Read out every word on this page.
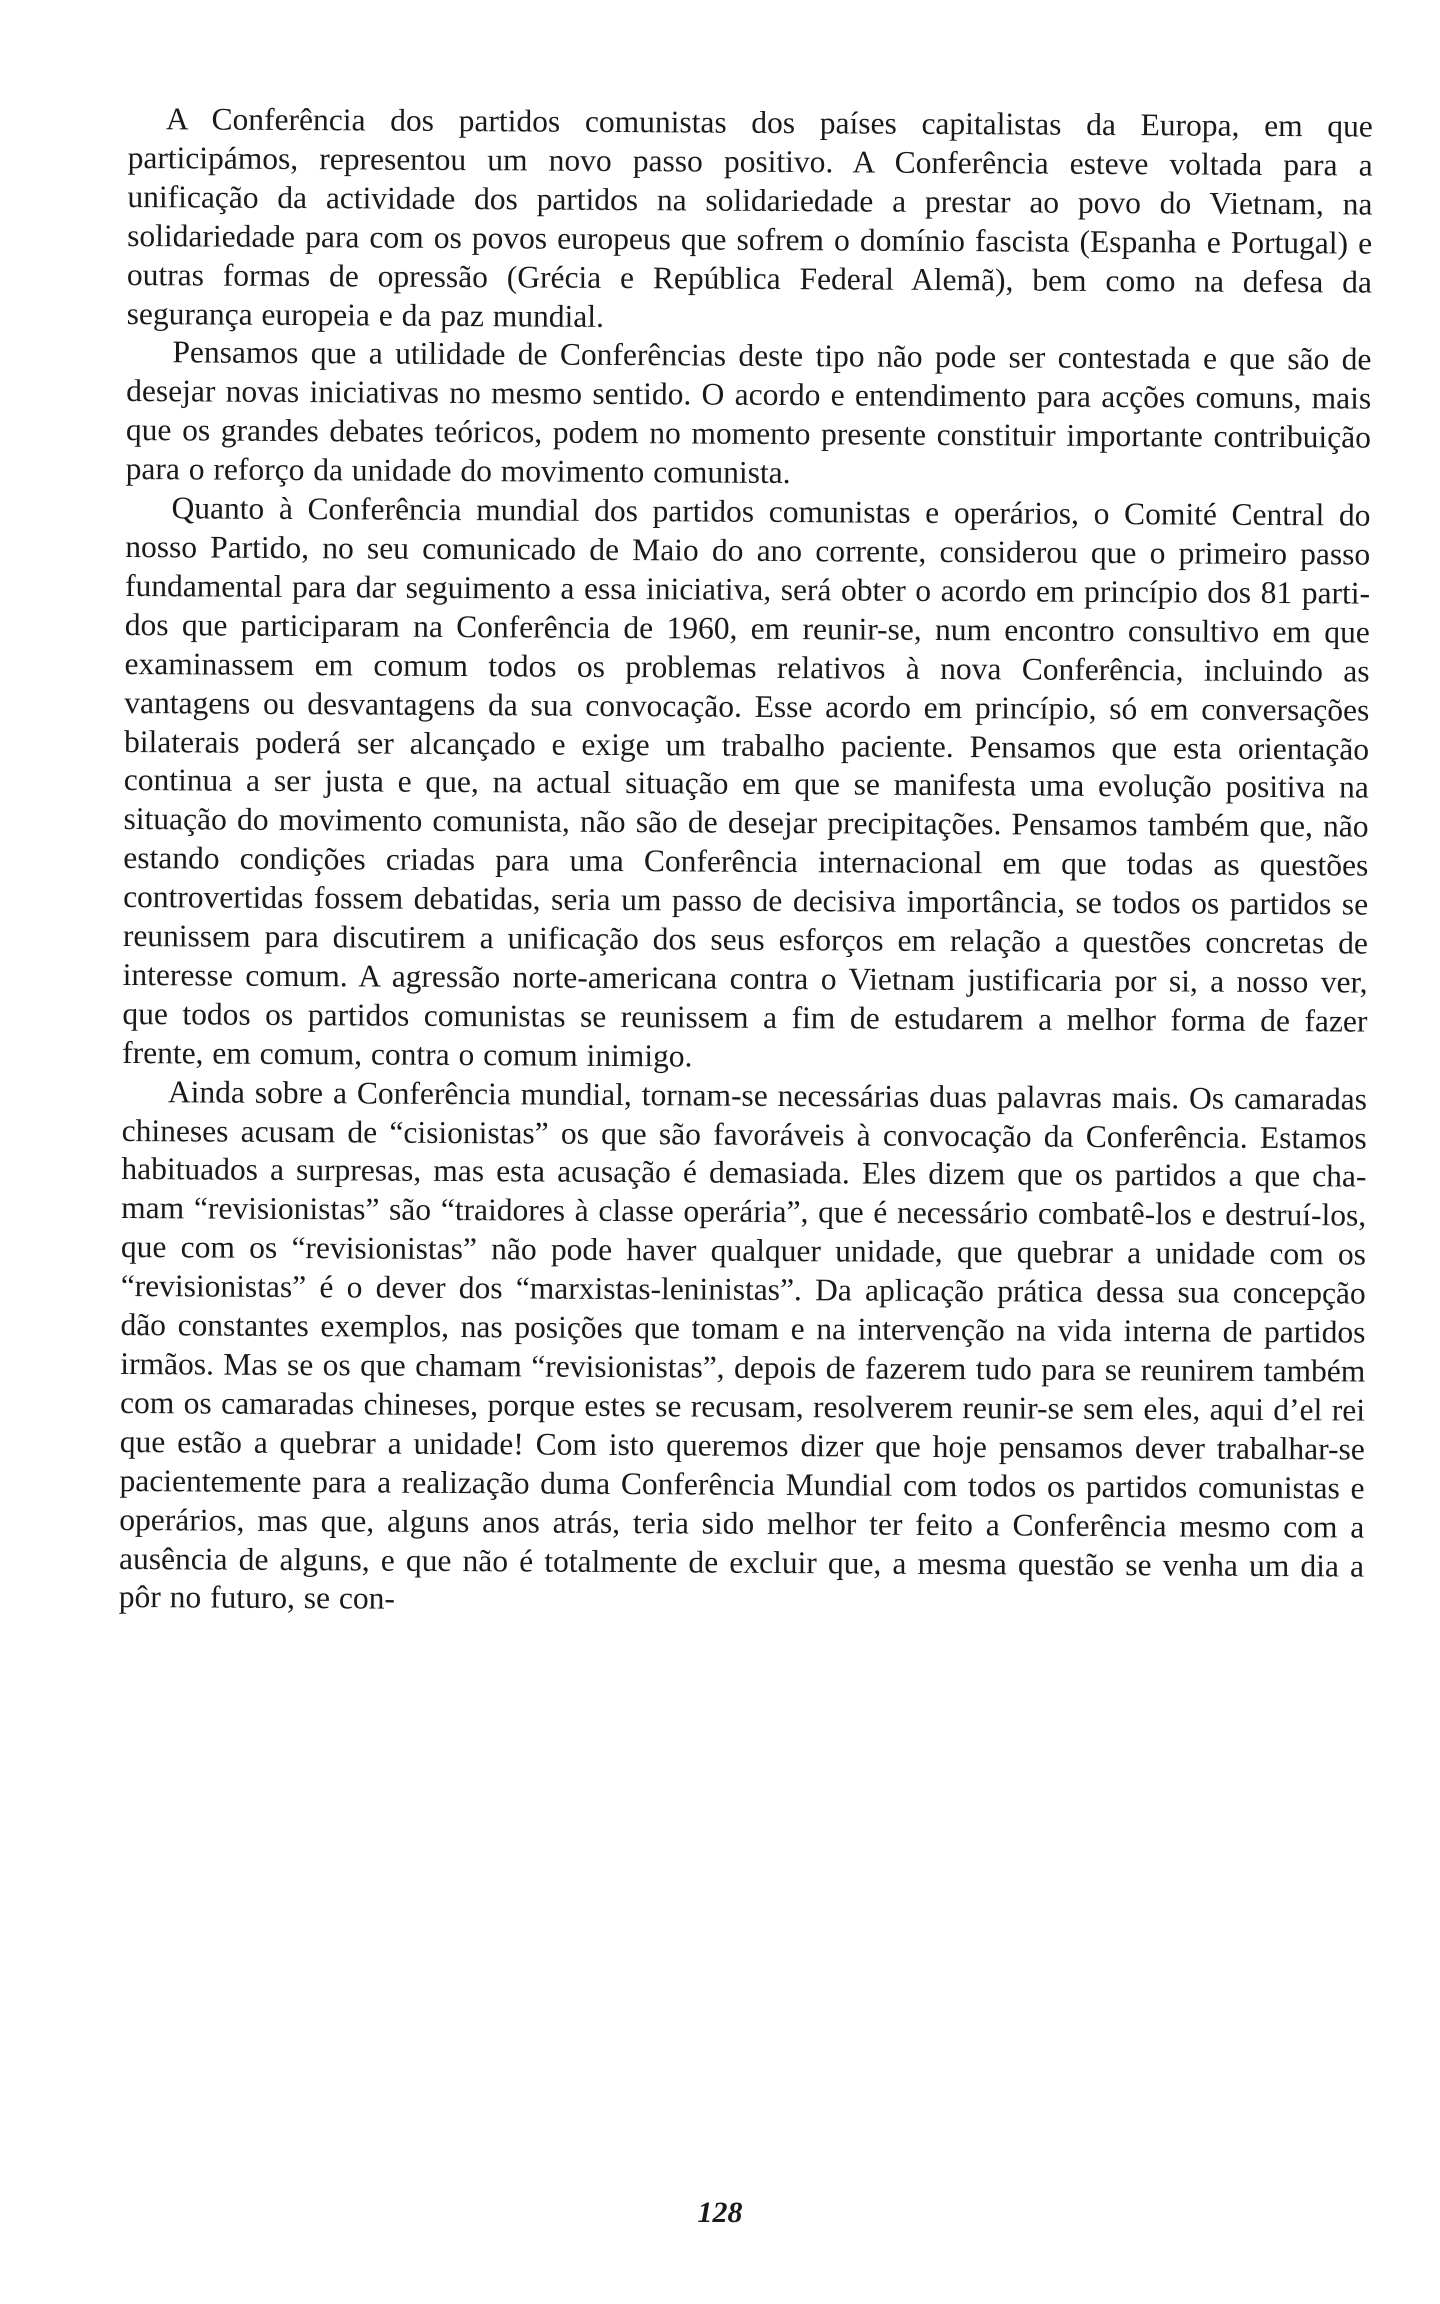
A Conferência dos partidos comunistas dos países capitalistas da Europa, em que participámos, representou um novo passo positivo. A Conferência esteve voltada para a unificação da actividade dos partidos na solidariedade a prestar ao povo do Vietnam, na solidariedade para com os povos europeus que sofrem o domínio fascista (Espanha e Portugal) e outras formas de opressão (Grécia e República Federal Alemã), bem como na defesa da segurança europeia e da paz mundial.

Pensamos que a utilidade de Conferências deste tipo não pode ser contestada e que são de desejar novas iniciativas no mesmo sentido. O acordo e entendimento para acções comuns, mais que os grandes debates teóricos, podem no momento presente constituir importante contribuição para o reforço da unidade do movimento comunista.

Quanto à Conferência mundial dos partidos comunistas e operários, o Comité Central do nosso Partido, no seu comunicado de Maio do ano corrente, considerou que o primeiro passo fundamental para dar seguimento a essa iniciativa, será obter o acordo em princípio dos 81 partidos que participaram na Conferência de 1960, em reunir-se, num encontro consultivo em que examinassem em comum todos os problemas relativos à nova Conferência, incluindo as vantagens ou desvantagens da sua convocação. Esse acordo em princípio, só em conversações bilaterais poderá ser alcançado e exige um trabalho paciente. Pensamos que esta orientação continua a ser justa e que, na actual situação em que se manifesta uma evolução positiva na situação do movimento comunista, não são de desejar precipitações. Pensamos também que, não estando condições criadas para uma Conferência internacional em que todas as questões controvertidas fossem debatidas, seria um passo de decisiva importância, se todos os partidos se reunissem para discutirem a unificação dos seus esforços em relação a questões concretas de interesse comum. A agressão norte-americana contra o Vietnam justificaria por si, a nosso ver, que todos os partidos comunistas se reunissem a fim de estudarem a melhor forma de fazer frente, em comum, contra o comum inimigo.

Ainda sobre a Conferência mundial, tornam-se necessárias duas palavras mais. Os camaradas chineses acusam de “cisionistas” os que são favoráveis à convocação da Conferência. Estamos habituados a surpresas, mas esta acusação é demasiada. Eles dizem que os partidos a que chamam “revisionistas” são “traidores à classe operária”, que é necessário combatê-los e destruí-los, que com os “revisionistas” não pode haver qualquer unidade, que quebrar a unidade com os “revisionistas” é o dever dos “marxistas-leninistas”. Da aplicação prática dessa sua concepção dão constantes exemplos, nas posições que tomam e na intervenção na vida interna de partidos irmãos. Mas se os que chamam “revisionistas”, depois de fazerem tudo para se reunirem também com os camaradas chineses, porque estes se recusam, resolverem reunir-se sem eles, aqui d’el rei que estão a quebrar a unidade! Com isto queremos dizer que hoje pensamos dever trabalhar-se pacientemente para a realização duma Conferência Mundial com todos os partidos comunistas e operários, mas que, alguns anos atrás, teria sido melhor ter feito a Conferência mesmo com a ausência de alguns, e que não é totalmente de excluir que, a mesma questão se venha um dia a pôr no futuro, se con-

128
